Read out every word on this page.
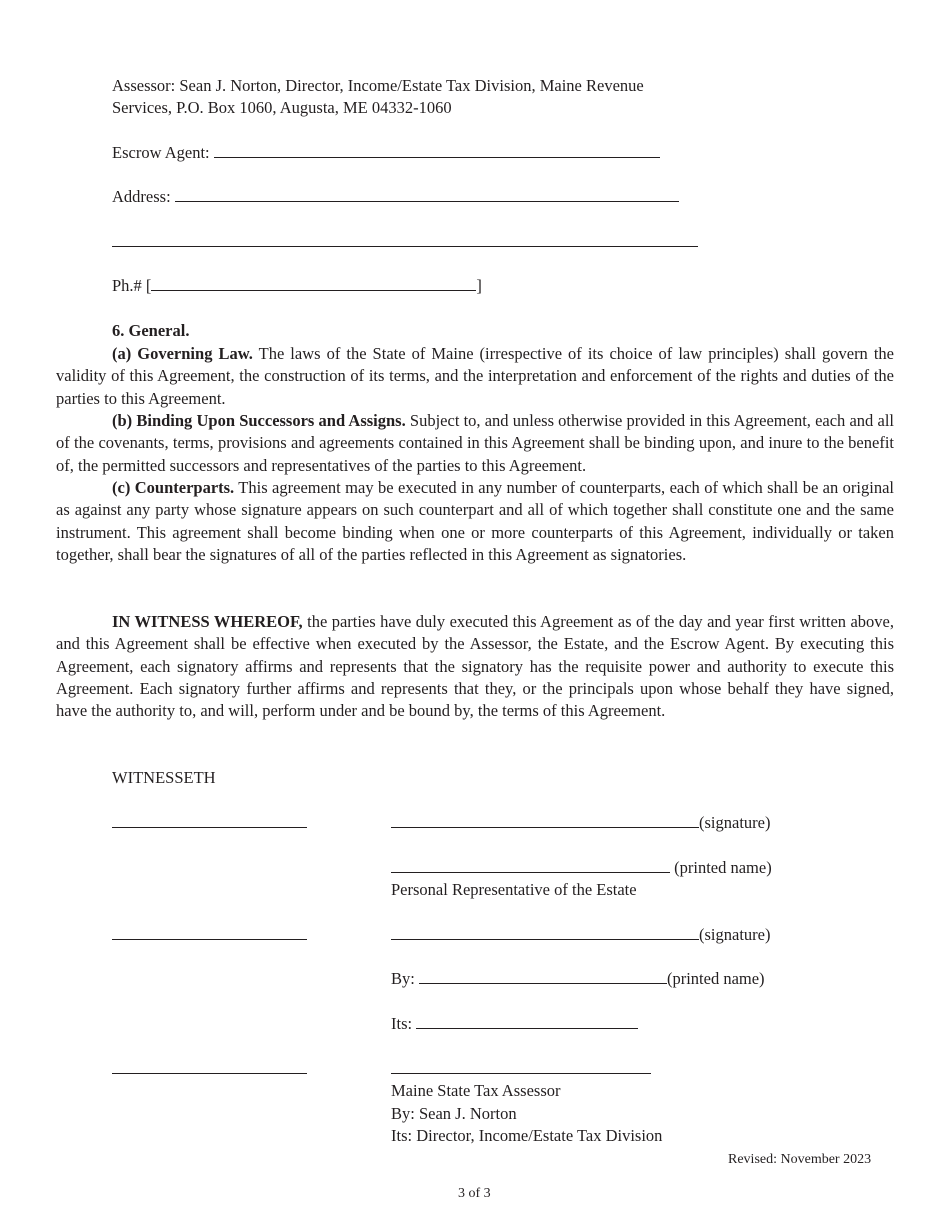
Assessor: Sean J. Norton, Director, Income/Estate Tax Division, Maine Revenue
Services, P.O. Box 1060, Augusta, ME 04332-1060
Escrow Agent:
Address:
Ph.# [	]
6. General.
(a) Governing Law. The laws of the State of Maine (irrespective of its choice of law principles) shall govern the validity of this Agreement, the construction of its terms, and the interpretation and enforcement of the rights and duties of the parties to this Agreement.
(b) Binding Upon Successors and Assigns. Subject to, and unless otherwise provided in this Agreement, each and all of the covenants, terms, provisions and agreements contained in this Agreement shall be binding upon, and inure to the benefit of, the permitted successors and representatives of the parties to this Agreement.
(c) Counterparts. This agreement may be executed in any number of counterparts, each of which shall be an original as against any party whose signature appears on such counterpart and all of which together shall constitute one and the same instrument. This agreement shall become binding when one or more counterparts of this Agreement, individually or taken together, shall bear the signatures of all of the parties reflected in this Agreement as signatories.
IN WITNESS WHEREOF, the parties have duly executed this Agreement as of the day and year first written above, and this Agreement shall be effective when executed by the Assessor, the Estate, and the Escrow Agent. By executing this Agreement, each signatory affirms and represents that the signatory has the requisite power and authority to execute this Agreement. Each signatory further affirms and represents that they, or the principals upon whose behalf they have signed, have the authority to, and will, perform under and be bound by, the terms of this Agreement.
WITNESSETH
(signature)
(printed name)
Personal Representative of the Estate
(signature)
By:	(printed name)
Its:
Maine State Tax Assessor
By: Sean J. Norton
Its: Director, Income/Estate Tax Division
Revised: November 2023
3 of 3
